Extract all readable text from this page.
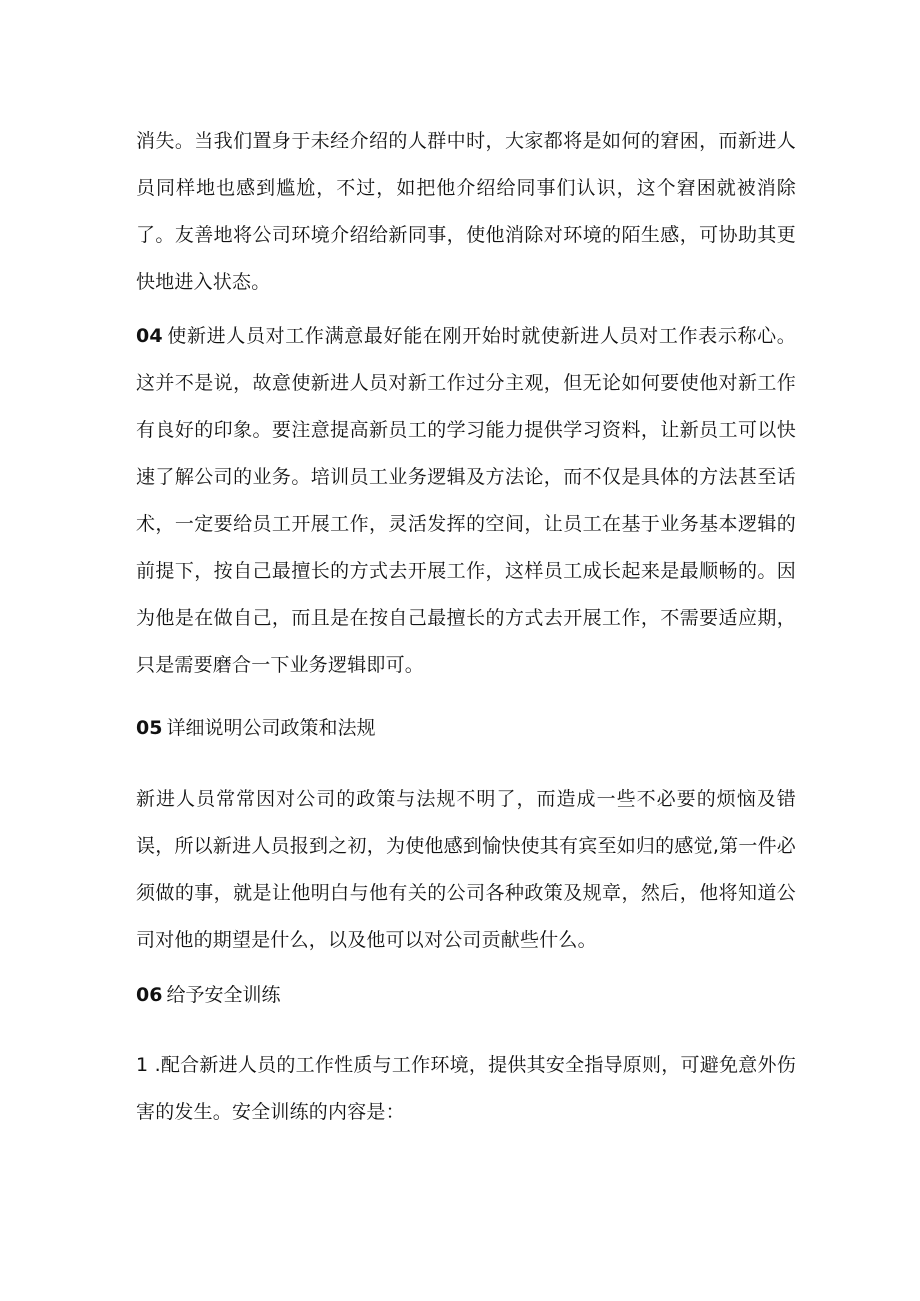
消失。当我们置身于未经介绍的人群中时，大家都将是如何的窘困，而新进人员同样地也感到尴尬，不过，如把他介绍给同事们认识，这个窘困就被消除了。友善地将公司环境介绍给新同事，使他消除对环境的陌生感，可协助其更快地进入状态。

04 使新进人员对工作满意最好能在刚开始时就使新进人员对工作表示称心。这并不是说，故意使新进人员对新工作过分主观，但无论如何要使他对新工作有良好的印象。要注意提高新员工的学习能力提供学习资料，让新员工可以快速了解公司的业务。培训员工业务逻辑及方法论，而不仅是具体的方法甚至话术，一定要给员工开展工作，灵活发挥的空间，让员工在基于业务基本逻辑的前提下，按自己最擅长的方式去开展工作，这样员工成长起来是最顺畅的。因为他是在做自己，而且是在按自己最擅长的方式去开展工作，不需要适应期，只是需要磨合一下业务逻辑即可。

05 详细说明公司政策和法规

新进人员常常因对公司的政策与法规不明了，而造成一些不必要的烦恼及错误，所以新进人员报到之初，为使他感到愉快使其有宾至如归的感觉,第一件必须做的事，就是让他明白与他有关的公司各种政策及规章，然后，他将知道公司对他的期望是什么，以及他可以对公司贡献些什么。

06 给予安全训练

1 .配合新进人员的工作性质与工作环境，提供其安全指导原则，可避免意外伤害的发生。安全训练的内容是：
